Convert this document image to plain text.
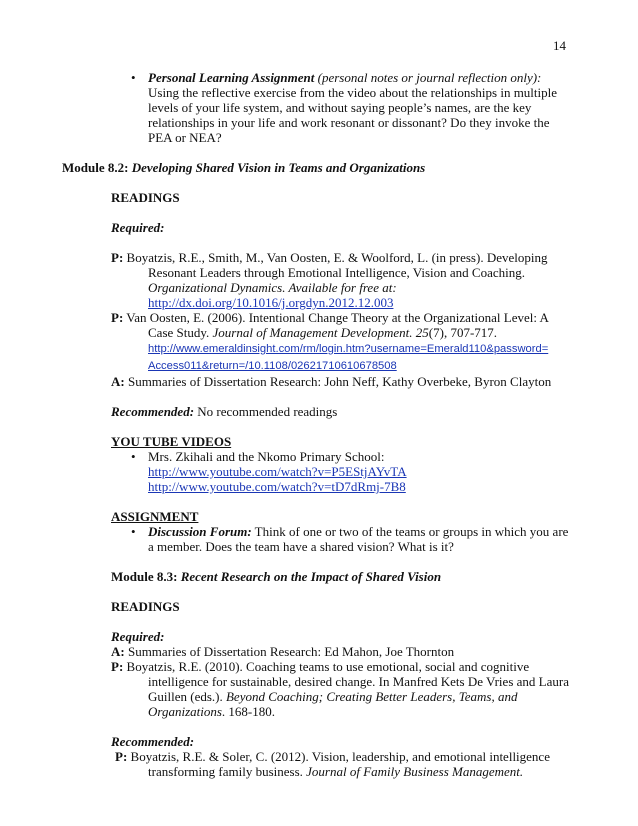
14
• Personal Learning Assignment (personal notes or journal reflection only):

Using the reflective exercise from the video about the relationships in multiple

levels of your life system, and without saying people’s names, are the key

relationships in your life and work resonant or dissonant? Do they invoke the

PEA or NEA?

Module 8.2: Developing Shared Vision in Teams and Organizations

READINGS

Required:

P: Boyatzis, R.E., Smith, M., Van Oosten, E. & Woolford, L. (in press). Developing

Resonant Leaders through Emotional Intelligence, Vision and Coaching.

Organizational Dynamics. Available for free at:

http://dx.doi.org/10.1016/j.orgdyn.2012.12.003

P: Van Oosten, E. (2006). Intentional Change Theory at the Organizational Level: A

Case Study. Journal of Management Development. 25(7), 707-717.

http://www.emeraldinsight.com/rm/login.htm?username=Emerald110&password=

Access011&return=/10.1108/02621710610678508

A: Summaries of Dissertation Research: John Neff, Kathy Overbeke, Byron Clayton

Recommended: No recommended readings

YOU TUBE VIDEOS

• Mrs. Zkihali and the Nkomo Primary School:

http://www.youtube.com/watch?v=P5EStjAYvTA

http://www.youtube.com/watch?v=tD7dRmj-7B8

ASSIGNMENT

• Discussion Forum: Think of one or two of the teams or groups in which you are

a member. Does the team have a shared vision? What is it?

Module 8.3: Recent Research on the Impact of Shared Vision

READINGS

Required:

A: Summaries of Dissertation Research: Ed Mahon, Joe Thornton

P: Boyatzis, R.E. (2010). Coaching teams to use emotional, social and cognitive

intelligence for sustainable, desired change. In Manfred Kets De Vries and Laura

Guillen (eds.). Beyond Coaching; Creating Better Leaders, Teams, and

Organizations. 168-180.

Recommended:

P: Boyatzis, R.E. & Soler, C. (2012). Vision, leadership, and emotional intelligence

transforming family business. Journal of Family Business Management.
